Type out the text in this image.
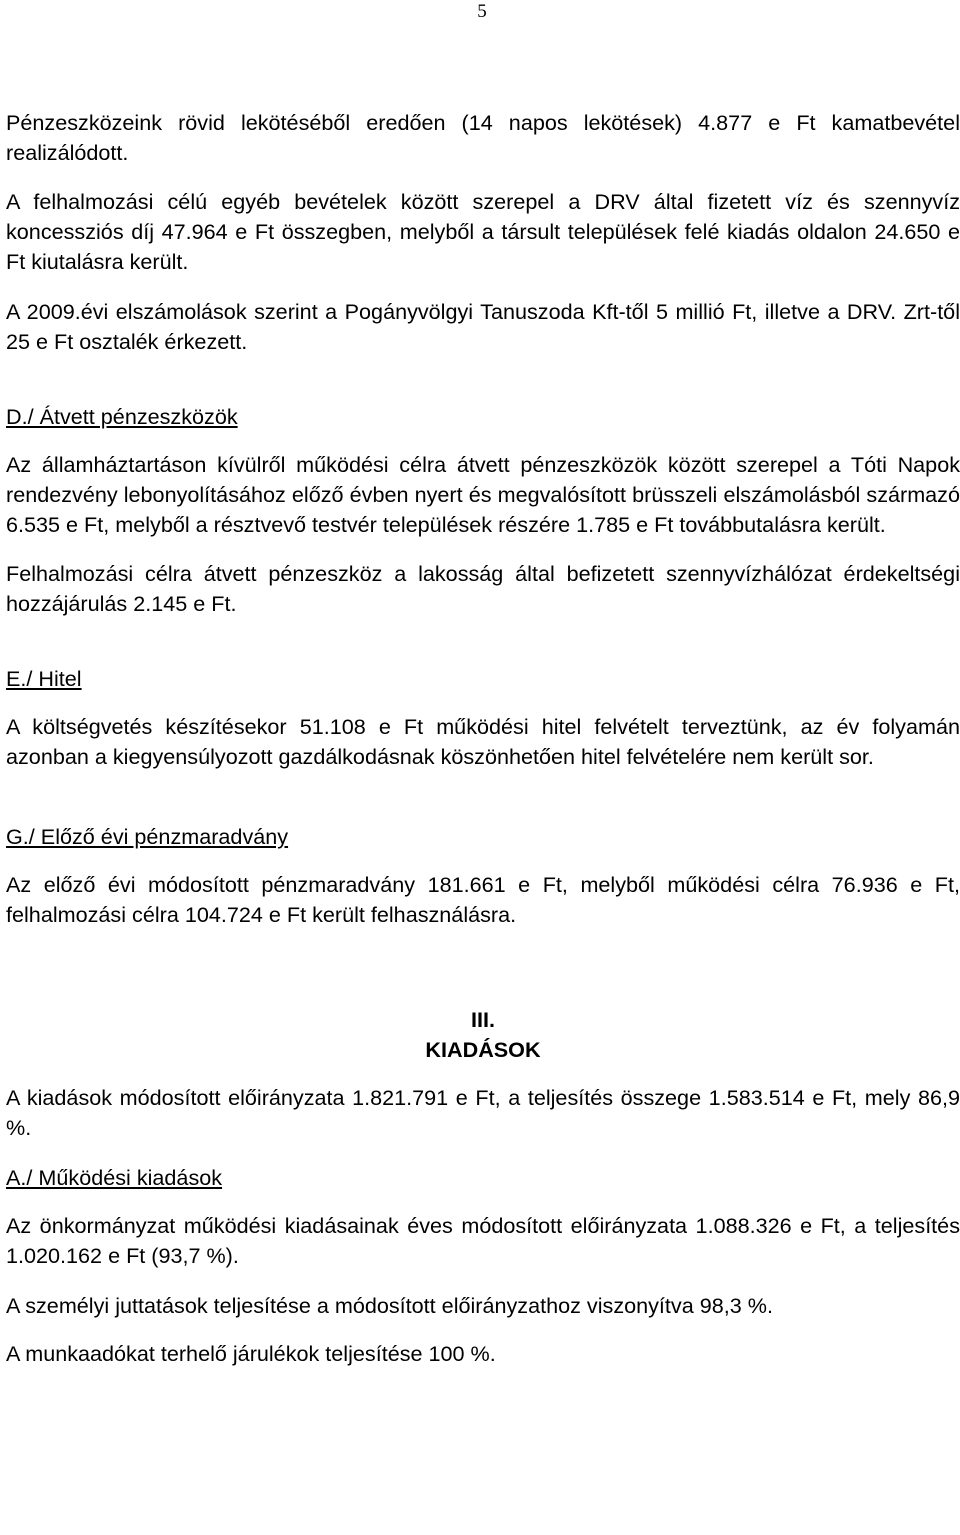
5

Pénzeszközeink rövid lekötéséből eredően (14 napos lekötések) 4.877 e Ft kamatbevétel realizálódott.

A felhalmozási célú egyéb bevételek között szerepel a DRV által fizetett víz és szennyvíz koncessziós díj 47.964 e Ft összegben, melyből a társult települések felé kiadás oldalon 24.650 e Ft kiutalásra került.

A 2009.évi elszámolások szerint a Pogányvölgyi Tanuszoda Kft-től 5 millió Ft, illetve a DRV. Zrt-től 25 e Ft osztalék érkezett.

D./ Átvett pénzeszközök

Az államháztartáson kívülről működési célra átvett pénzeszközök között szerepel a Tóti Napok rendezvény lebonyolításához előző évben nyert és megvalósított brüsszeli elszámolásból származó 6.535 e Ft, melyből a résztvevő testvér települések részére 1.785 e Ft továbbutalásra került.

Felhalmozási célra átvett pénzeszköz a lakosság által befizetett szennyvízhálózat érdekeltségi hozzájárulás 2.145 e Ft.

E./ Hitel

A költségvetés készítésekor 51.108 e Ft működési hitel felvételt terveztünk, az év folyamán azonban a kiegyensúlyozott gazdálkodásnak köszönhetően hitel felvételére nem került sor.

G./ Előző évi pénzmaradvány

Az előző évi módosított pénzmaradvány 181.661 e Ft, melyből működési célra 76.936 e Ft, felhalmozási célra 104.724 e Ft került felhasználásra.

III.

KIADÁSOK

A kiadások módosított előirányzata 1.821.791 e Ft, a teljesítés összege 1.583.514 e Ft, mely 86,9 %.

A./ Működési kiadások

Az önkormányzat működési kiadásainak éves módosított előirányzata 1.088.326 e Ft, a teljesítés 1.020.162 e Ft (93,7 %).

A személyi juttatások teljesítése a módosított előirányzathoz viszonyítva 98,3 %.

A munkaadókat terhelő járulékok teljesítése 100 %.
